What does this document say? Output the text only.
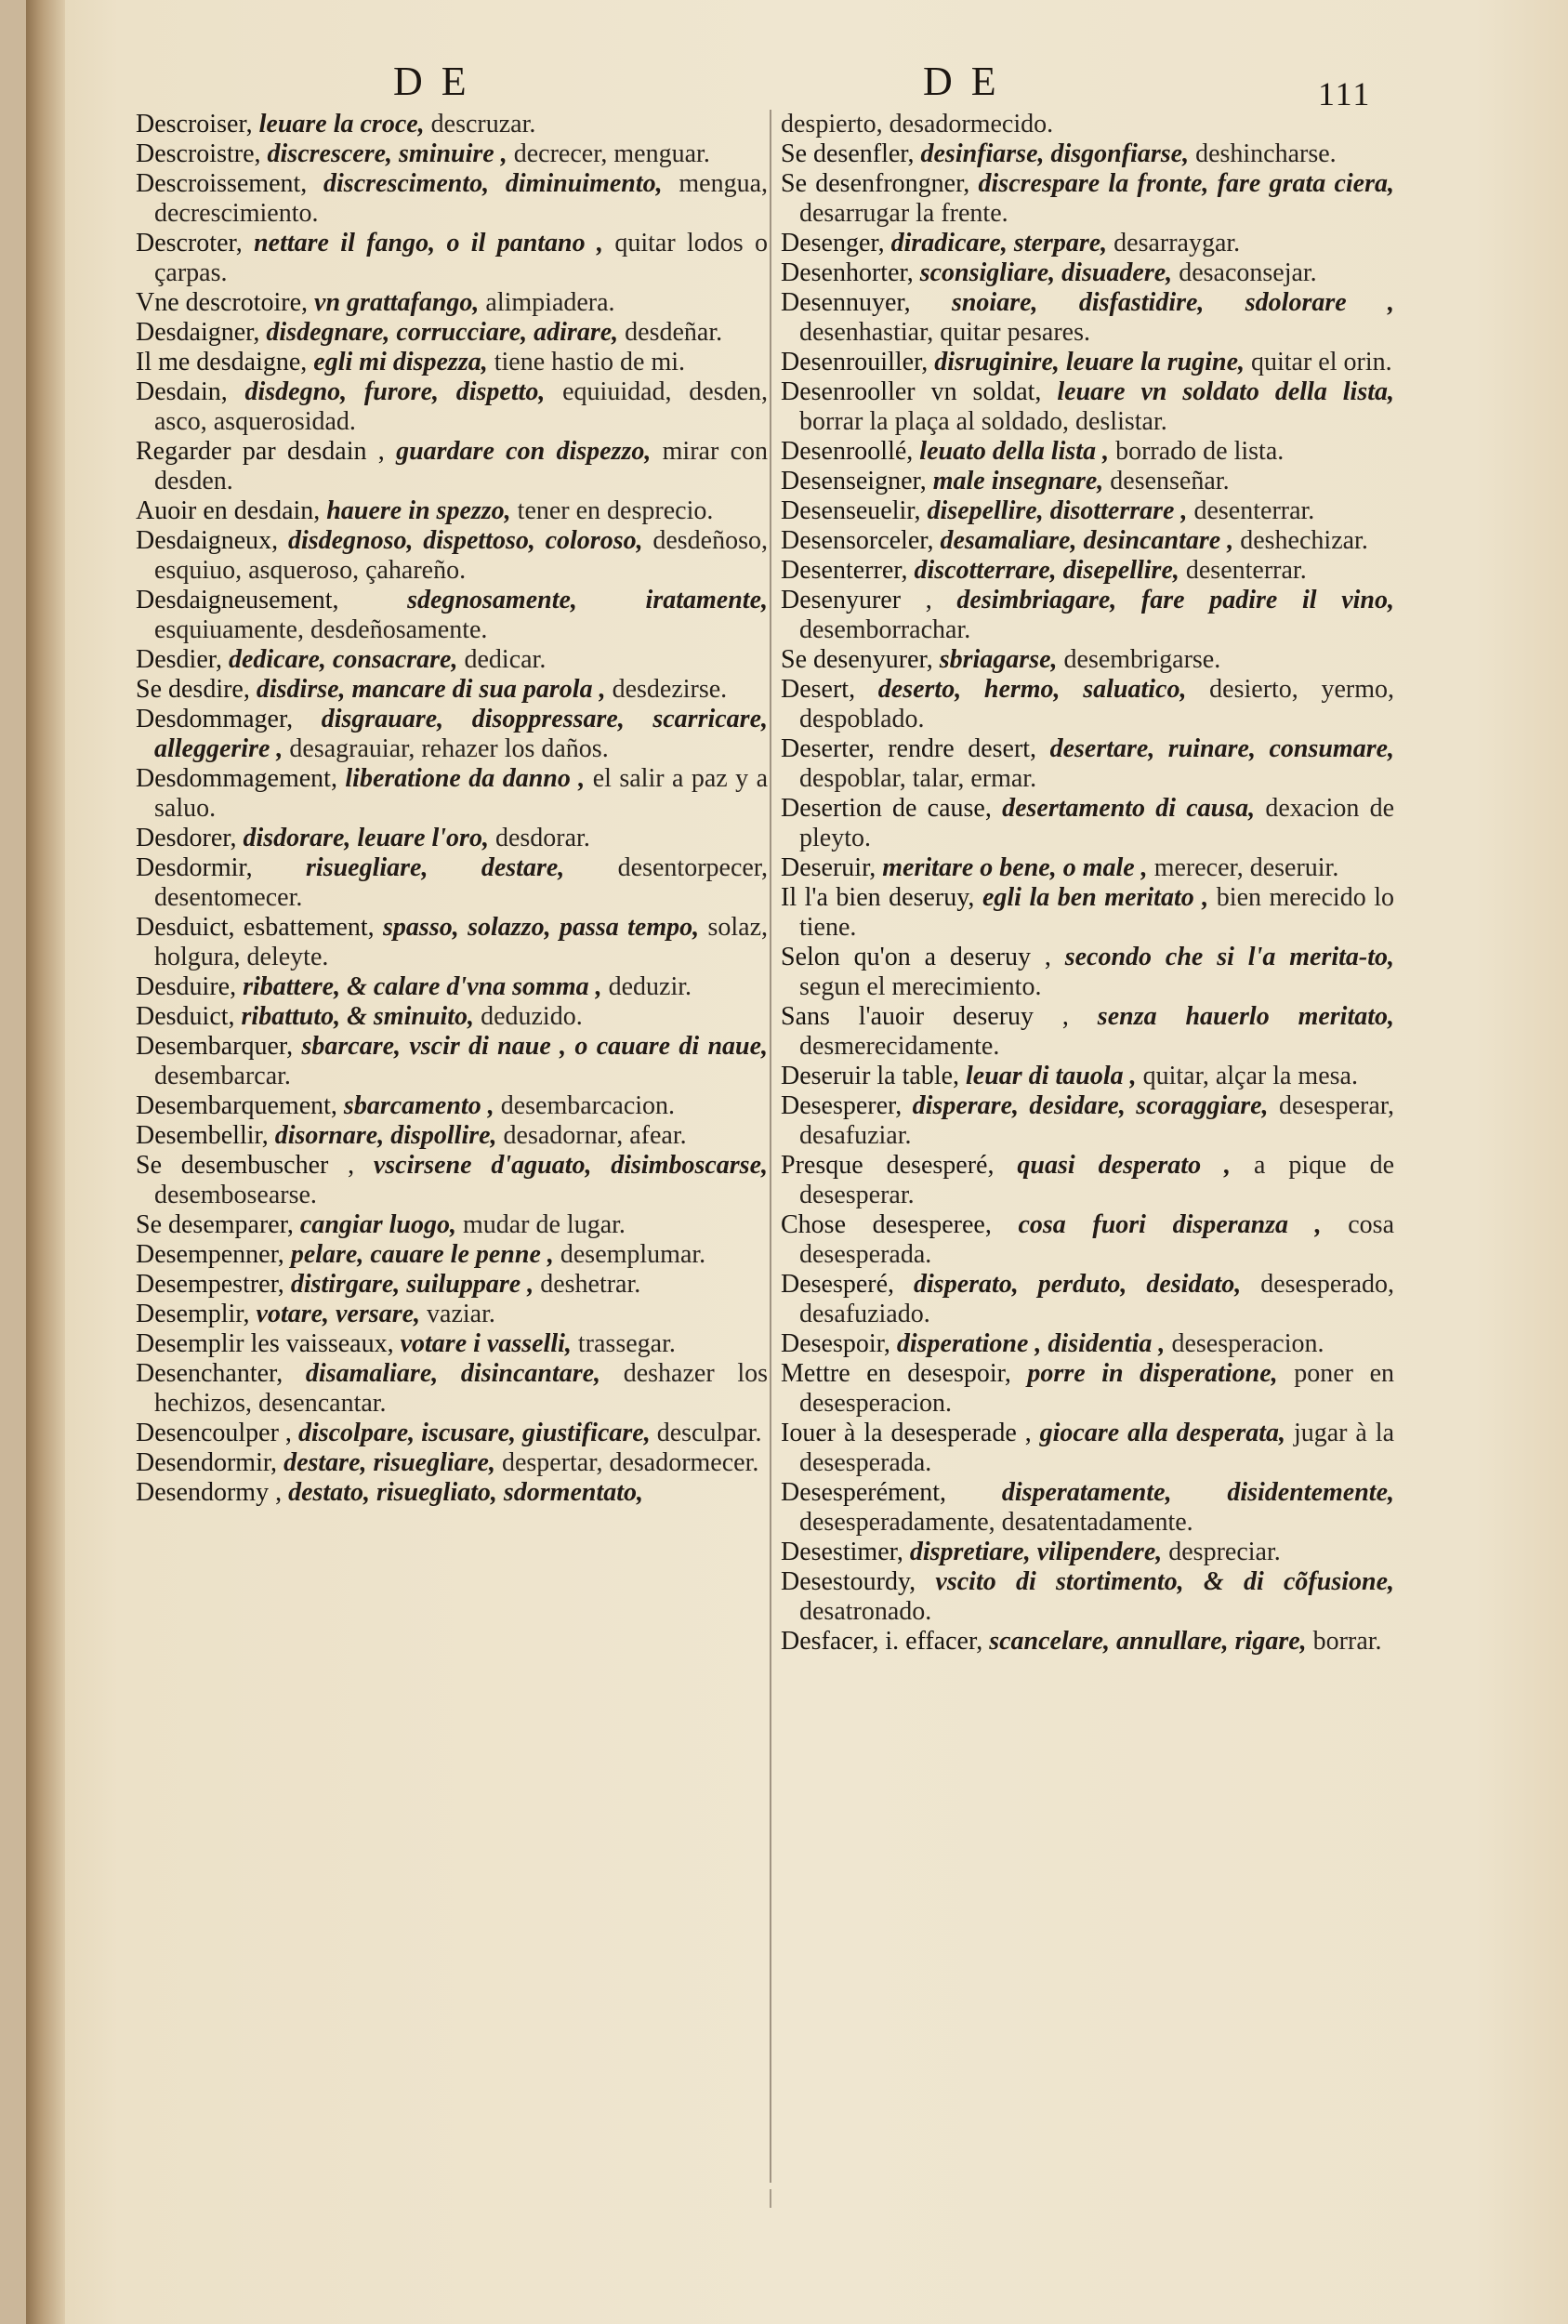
DE	DE	111

Descroiser, leuare la croce, descruzar.

Descroistre, discrescere, sminuire , decrecer, menguar.

Descroissement, discrescimento, diminuimento, mengua, decrescimiento.

Descroter, nettare il fango, o il pantano , quitar lodos o çarpas.

Vne descrotoire, vn grattafango, alimpiadera.

Desdaigner, disdegnare, corrucciare, adirare, desdeñar.

Il me desdaigne, egli mi dispezza, tiene hastio de mi.

Desdain, disdegno, furore, dispetto, equiuidad, desden, asco, asquerosidad.

Regarder par desdain , guardare con dispezzo, mirar con desden.

Auoir en desdain, hauere in spezzo, tener en desprecio.

Desdaigneux, disdegnoso, dispettoso, coloroso, desdeñoso, esquiuo, asqueroso, çahareño.

Desdaigneusement,	sdegnosamente, iratamente, esquiuamente, desdeñosamente.

Desdier, dedicare, consacrare, dedicar.

Se desdire, disdirse, mancare di sua parola , desdezirse.

Desdommager, disgrauare, disoppressare, scarricare, alleggerire , desagrauiar, rehazer los daños.

Desdommagement, liberatione da danno , el salir a paz y a saluo.

Desdorer, disdorare, leuare l'oro, desdorar.

Desdormir, risuegliare, destare, desentorpecer, desentomecer.

Desduict, esbattement, spasso, solazzo, passa tempo, solaz, holgura, deleyte.

Desduire, ribattere, & calare d'vna somma , deduzir.

Desduict, ribattuto, & sminuito, deduzido.

Desembarquer, sbarcare, vscir di naue , o cauare di naue, desembarcar.

Desembarquement, sbarcamento , desembarcacion.

Desembellir, disornare, dispollire, desadornar, afear.

Se desembuscher , vscirsene d'aguato, disimboscarse, desembosearse.

Se desemparer, cangiar luogo, mudar de lugar.

Desempenner, pelare, cauare le penne , desemplumar.

Desempestrer, distirgare, suiluppare , deshetrar.

Desemplir, votare, versare, vaziar.

Desemplir les vaisseaux, votare i vasselli, trassegar.

Desenchanter, disamaliare, disincantare, deshazer los hechizos, desencantar.

Desencoulper , discolpare, iscusare, giustificare, desculpar.

Desendormir, destare, risuegliare, despertar, desadormecer.

Desendormy , destato, risuegliato, sdormentato,

despierto, desadormecido.

Se desenfler, desinfiarse, disgonfiarse, deshincharse.

Se desenfrongner, discrespare la fronte, fare grata ciera, desarrugar la frente.

Desenger, diradicare, sterpare, desarraygar.

Desenhorter, sconsigliare, disuadere, desaconsejar.

Desennuyer, snoiare, disfastidire, sdolorare , desenhastiar, quitar pesares.

Desenrouiller, disruginire, leuare la rugine, quitar el orin.

Desenrooller vn soldat, leuare vn soldato della lista, borrar la plaça al soldado, deslistar.

Desenroollé, leuato della lista , borrado de lista.

Desenseigner, male insegnare, desenseñar.

Desenseuelir, disepellire, disotterrare , desenterrar.

Desensorceler, desamaliare, desincantare , deshechizar.

Desenterrer, discotterrare, disepellire, desenterrar.

Desenyurer , desimbriagare, fare padire il vino, desemborrachar.

Se desenyurer, sbriagarse, desembrigarse.

Desert, deserto, hermo, saluatico, desierto, yermo, despoblado.

Deserter, rendre desert, desertare, ruinare, consumare, despoblar, talar, ermar.

Desertion de cause, desertamento di causa, dexacion de pleyto.

Deseruir, meritare o bene, o male , merecer, deseruir.

Il l'a bien deseruy, egli la ben meritato , bien merecido lo tiene.

Selon qu'on a deseruy , secondo che si l'a merita-to, segun el merecimiento.

Sans l'auoir deseruy , senza hauerlo meritato, desmerecidamente.

Deseruir la table, leuar di tauola , quitar, alçar la mesa.

Desesperer, disperare, desidare, scoraggiare, desesperar, desafuziar.

Presque desesperé, quasi desperato , a pique de desesperar.

Chose desesperee, cosa fuori disperanza , cosa desesperada.

Desesperé, disperato, perduto, desidato, desesperado, desafuziado.

Desespoir, disperatione , disidentia , desesperacion.

Mettre en desespoir, porre in disperatione, poner en desesperacion.

Iouer à la desesperade , giocare alla desperata, jugar à la desesperada.

Desesperément, disperatamente, disidentemente, desesperadamente, desatentadamente.

Desestimer, dispretiare, vilipendere, despreciar.

Desestourdy, vscito di stortimento, & di cõfusione, desatronado.

Desfacer, i. effacer, scancelare, annullare, rigare, borrar.
